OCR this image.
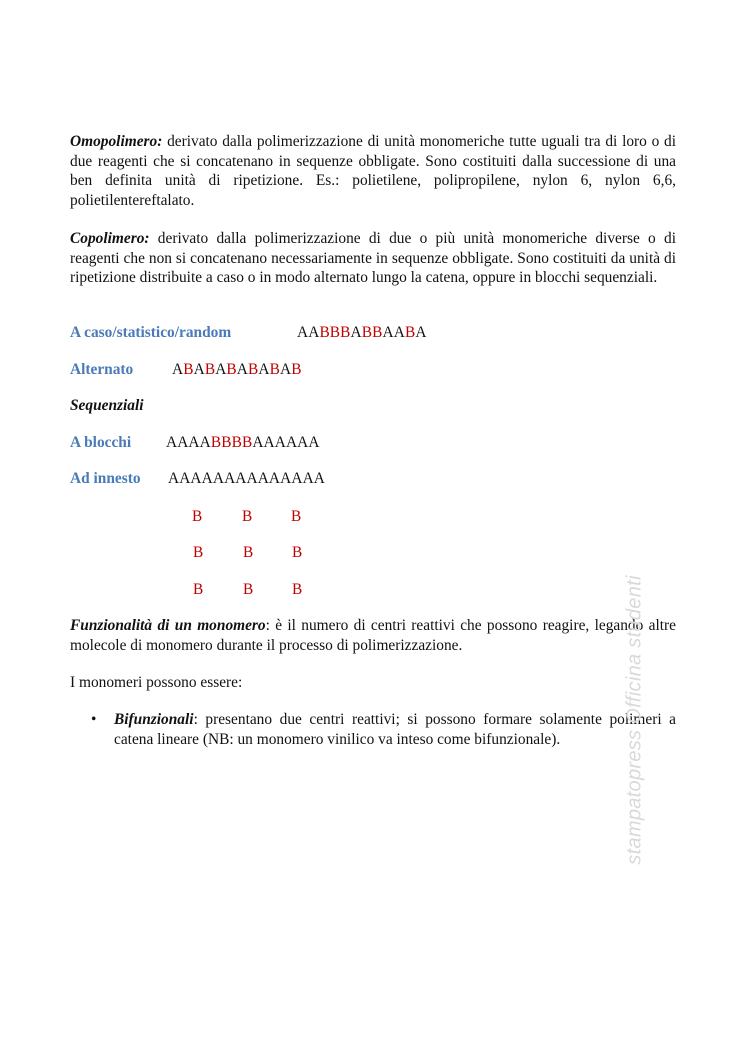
Omopolimero: derivato dalla polimerizzazione di unità monomeriche tutte uguali tra di loro o di due reagenti che si concatenano in sequenze obbligate. Sono costituiti dalla successione di una ben definita unità di ripetizione. Es.: polietilene, polipropilene, nylon 6, nylon 6,6, polietilentereftalato.

Copolimero: derivato dalla polimerizzazione di due o più unità monomeriche diverse o di reagenti che non si concatenano necessariamente in sequenze obbligate. Sono costituiti da unità di ripetizione distribuite a caso o in modo alternato lungo la catena, oppure in blocchi sequenziali.

A caso/statistico/random	AABBBABBAABA
Alternato	ABABABABABAB
Sequenziali
A blocchi AAAABBBBAAAAAA
Ad innesto AAAAAAAAAAAAAA
B	B	B
B	B	B
B	B	B

Funzionalità di un monomero: è il numero di centri reattivi che possono reagire, legando altre molecole di monomero durante il processo di polimerizzazione.

I monomeri possono essere:

• Bifunzionali: presentano due centri reattivi; si possono formare solamente polimeri a catena lineare (NB: un monomero vinilico va inteso come bifunzionale).	stampatopress Officina studenti
